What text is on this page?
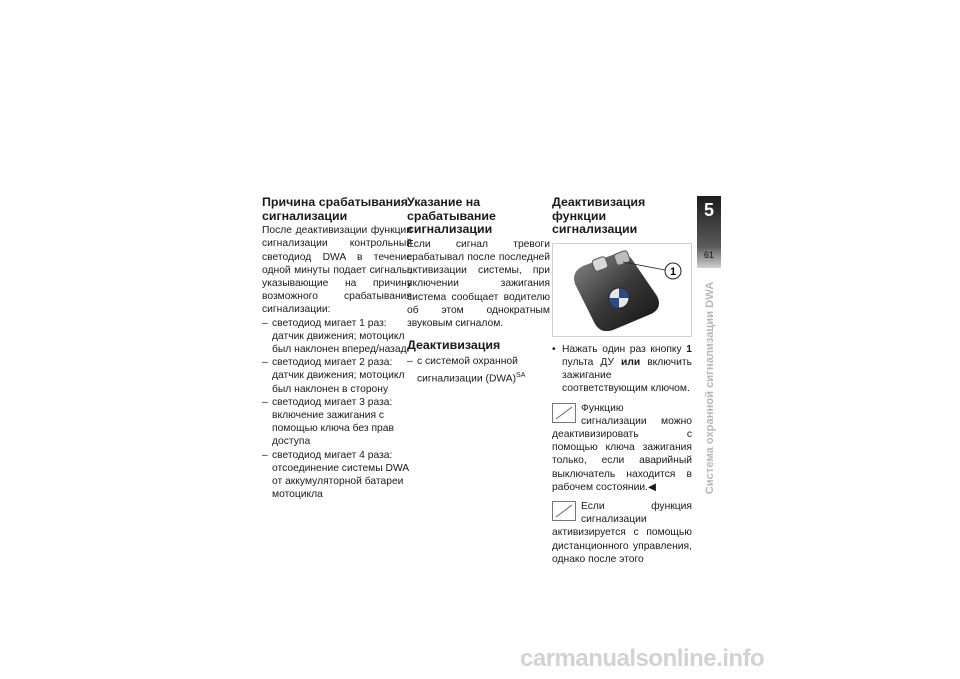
Причина срабатывания сигнализации

После деактивизации функции сигнализации контрольный светодиод DWA в течение одной минуты подает сигналы, указывающие на причину возможного срабатывания сигнализации:

– светодиод мигает 1 раз: датчик движения; мотоцикл был наклонен вперед/назад
– светодиод мигает 2 раза: датчик движения; мотоцикл был наклонен в сторону
– светодиод мигает 3 раза: включение зажигания с помощью ключа без прав доступа
– светодиод мигает 4 раза: отсоединение системы DWA от аккумуляторной батареи мотоцикла
Указание на срабатывание сигнализации

Если сигнал тревоги срабатывал после последней активизации системы, при включении зажигания система сообщает водителю об этом однократным звуковым сигналом.

Деактивизация
– с системой охранной сигнализации (DWA)$^{SA}$
Деактивизация функции сигнализации
1

• Нажать один раз кнопку 1 пульта ДУ или включить зажигание соответствующим ключом.

Функцию сигнализации можно деактивизировать с помощью ключа зажигания только, если аварийный выключатель находится в рабочем состоянии.◀

Если функция сигнализации активизируется с помощью дистанционного управления, однако после этого

5
61
Система охранной сигнализации DWA
carmanualsonline.info
